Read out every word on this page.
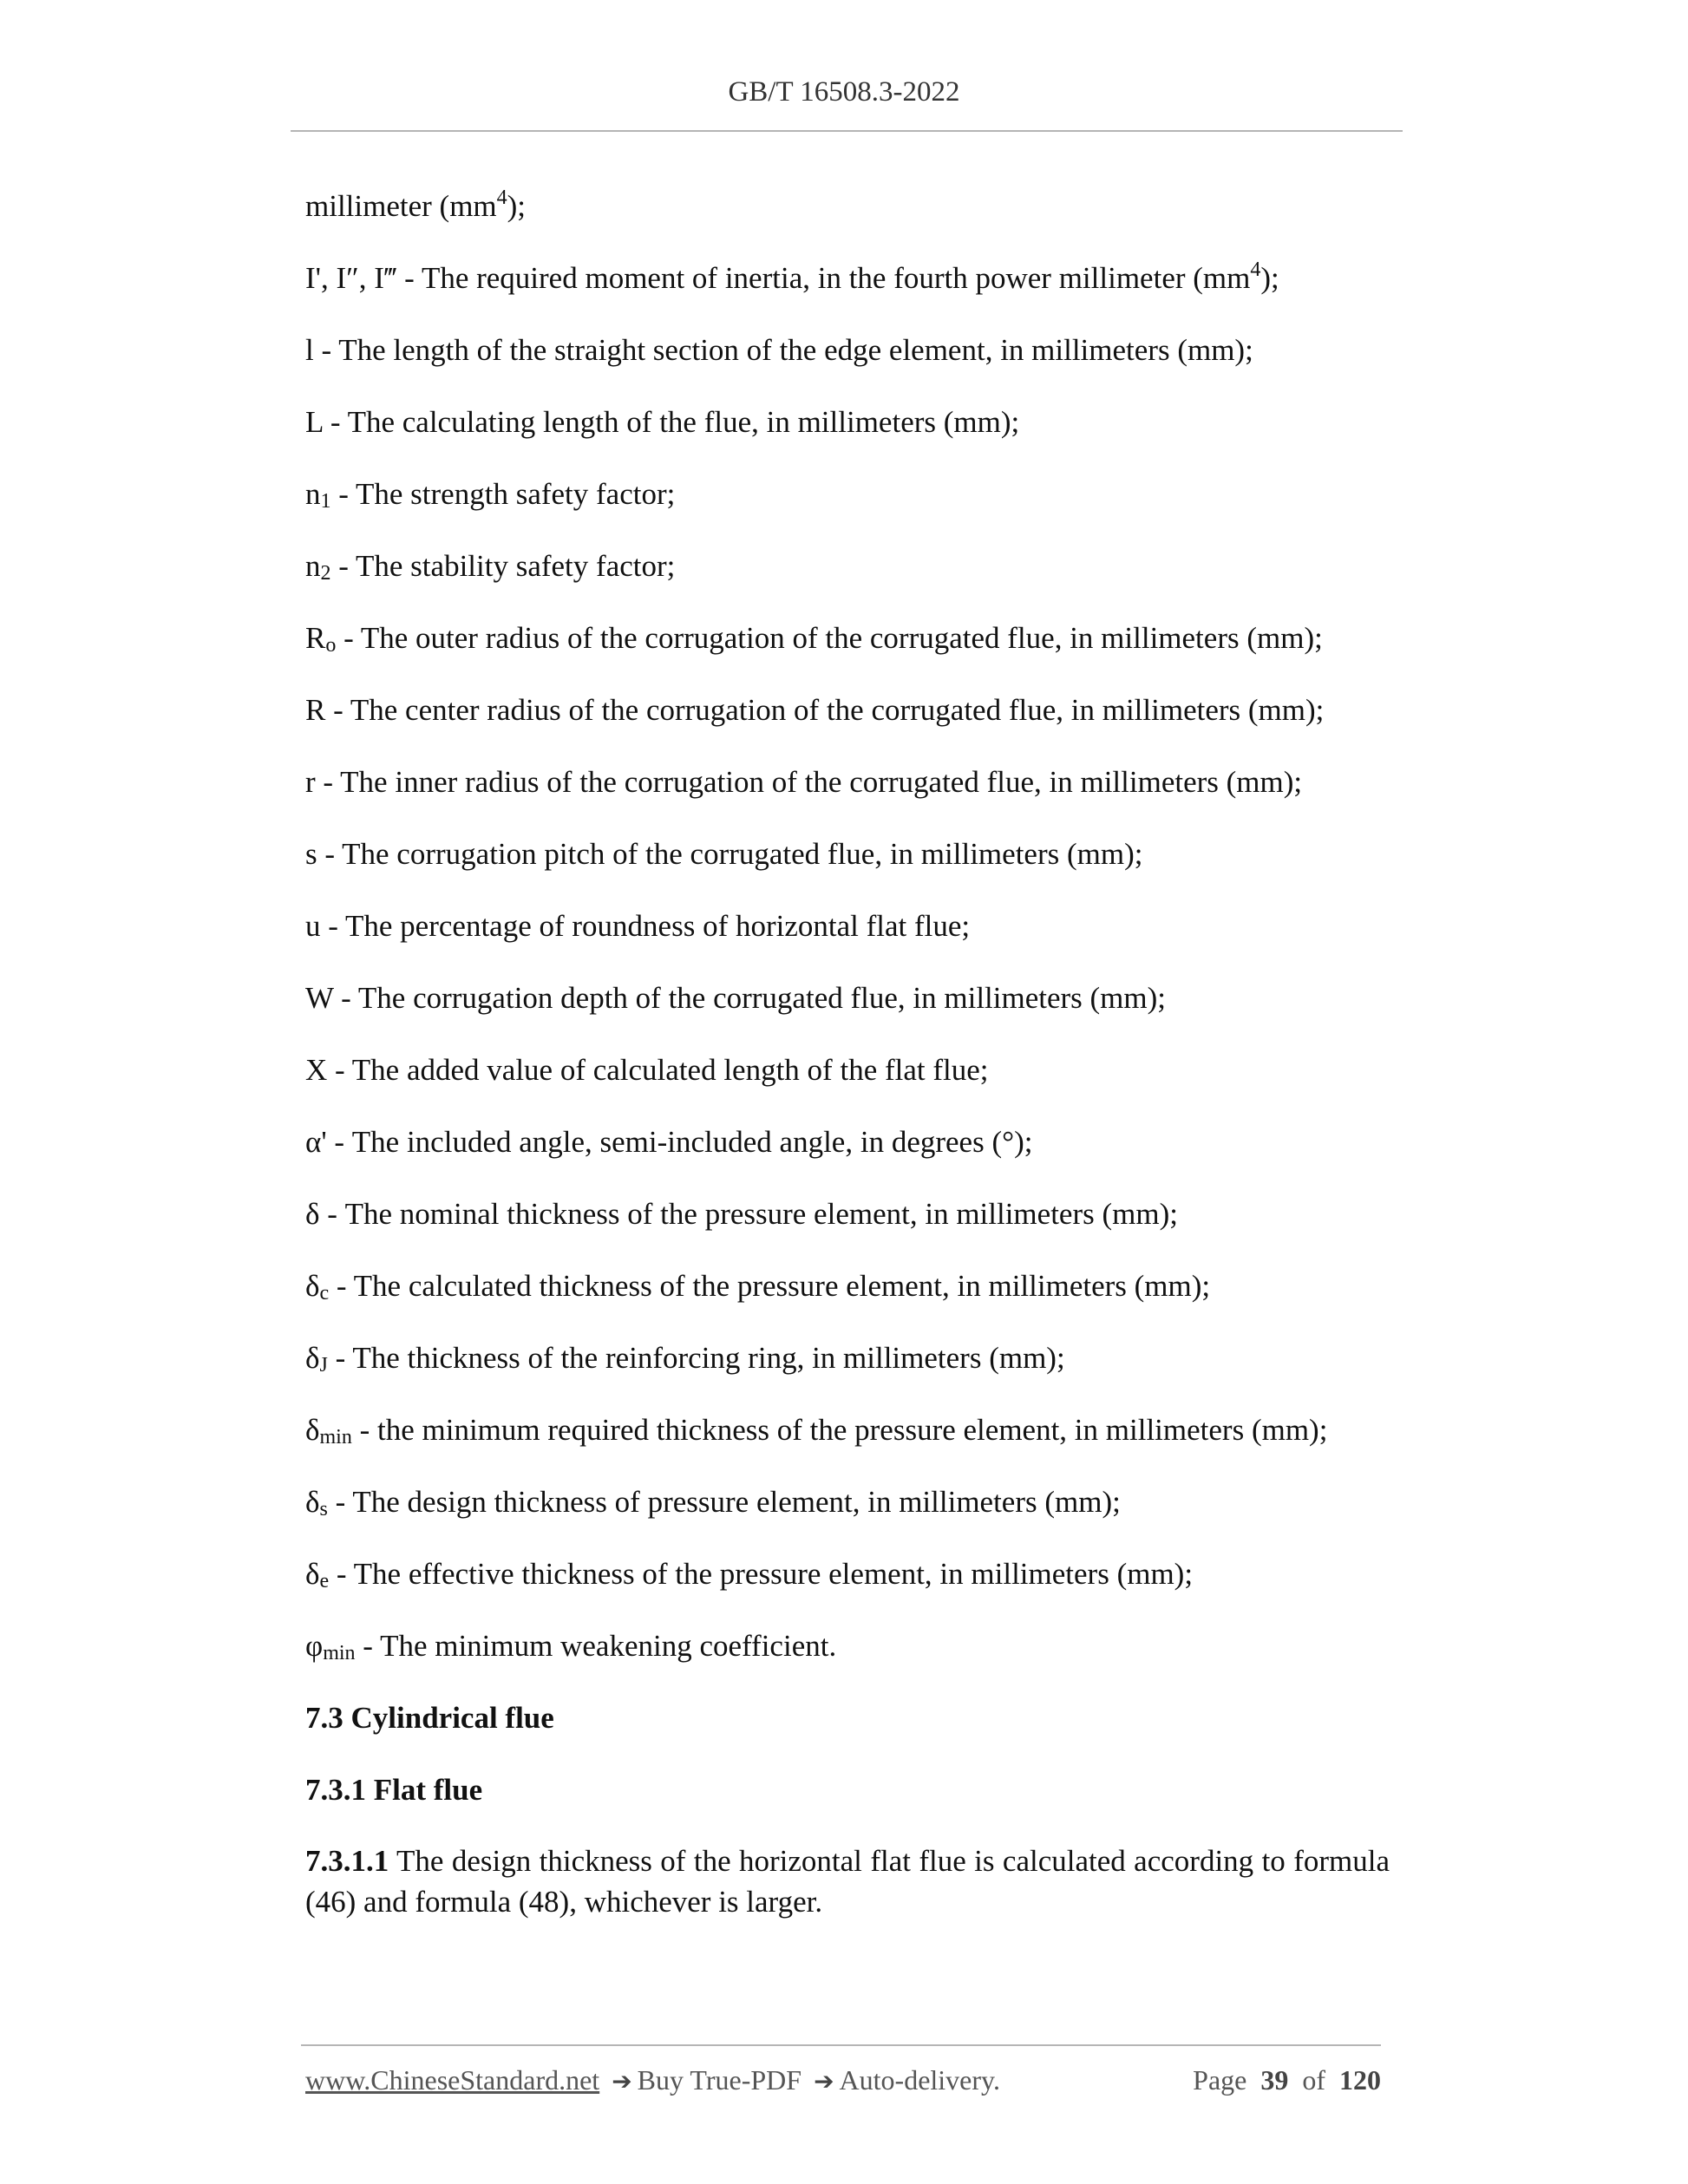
GB/T 16508.3-2022
millimeter $(mm^4)$;
I', I″, I‴ - The required moment of inertia, in the fourth power millimeter $(mm^4)$;
l - The length of the straight section of the edge element, in millimeters (mm);
L - The calculating length of the flue, in millimeters (mm);
$n_1$ - The strength safety factor;
$n_2$ - The stability safety factor;
$R_o$ - The outer radius of the corrugation of the corrugated flue, in millimeters (mm);
R - The center radius of the corrugation of the corrugated flue, in millimeters (mm);
r - The inner radius of the corrugation of the corrugated flue, in millimeters (mm);
s - The corrugation pitch of the corrugated flue, in millimeters (mm);
u - The percentage of roundness of horizontal flat flue;
W - The corrugation depth of the corrugated flue, in millimeters (mm);
X - The added value of calculated length of the flat flue;
α' - The included angle, semi-included angle, in degrees (°);
δ - The nominal thickness of the pressure element, in millimeters (mm);
$\delta_c$ - The calculated thickness of the pressure element, in millimeters (mm);
$\delta_J$ - The thickness of the reinforcing ring, in millimeters (mm);
$\delta_{min}$ - the minimum required thickness of the pressure element, in millimeters (mm);
$\delta_s$ - The design thickness of pressure element, in millimeters (mm);
$\delta_e$ - The effective thickness of the pressure element, in millimeters (mm);
$\varphi_{min}$ - The minimum weakening coefficient.
7.3 Cylindrical flue
7.3.1 Flat flue

7.3.1.1 The design thickness of the horizontal flat flue is calculated according to formula (46) and formula (48), whichever is larger.

www.ChineseStandard.net ➔ Buy True-PDF ➔ Auto-delivery.	Page 39 of 120
